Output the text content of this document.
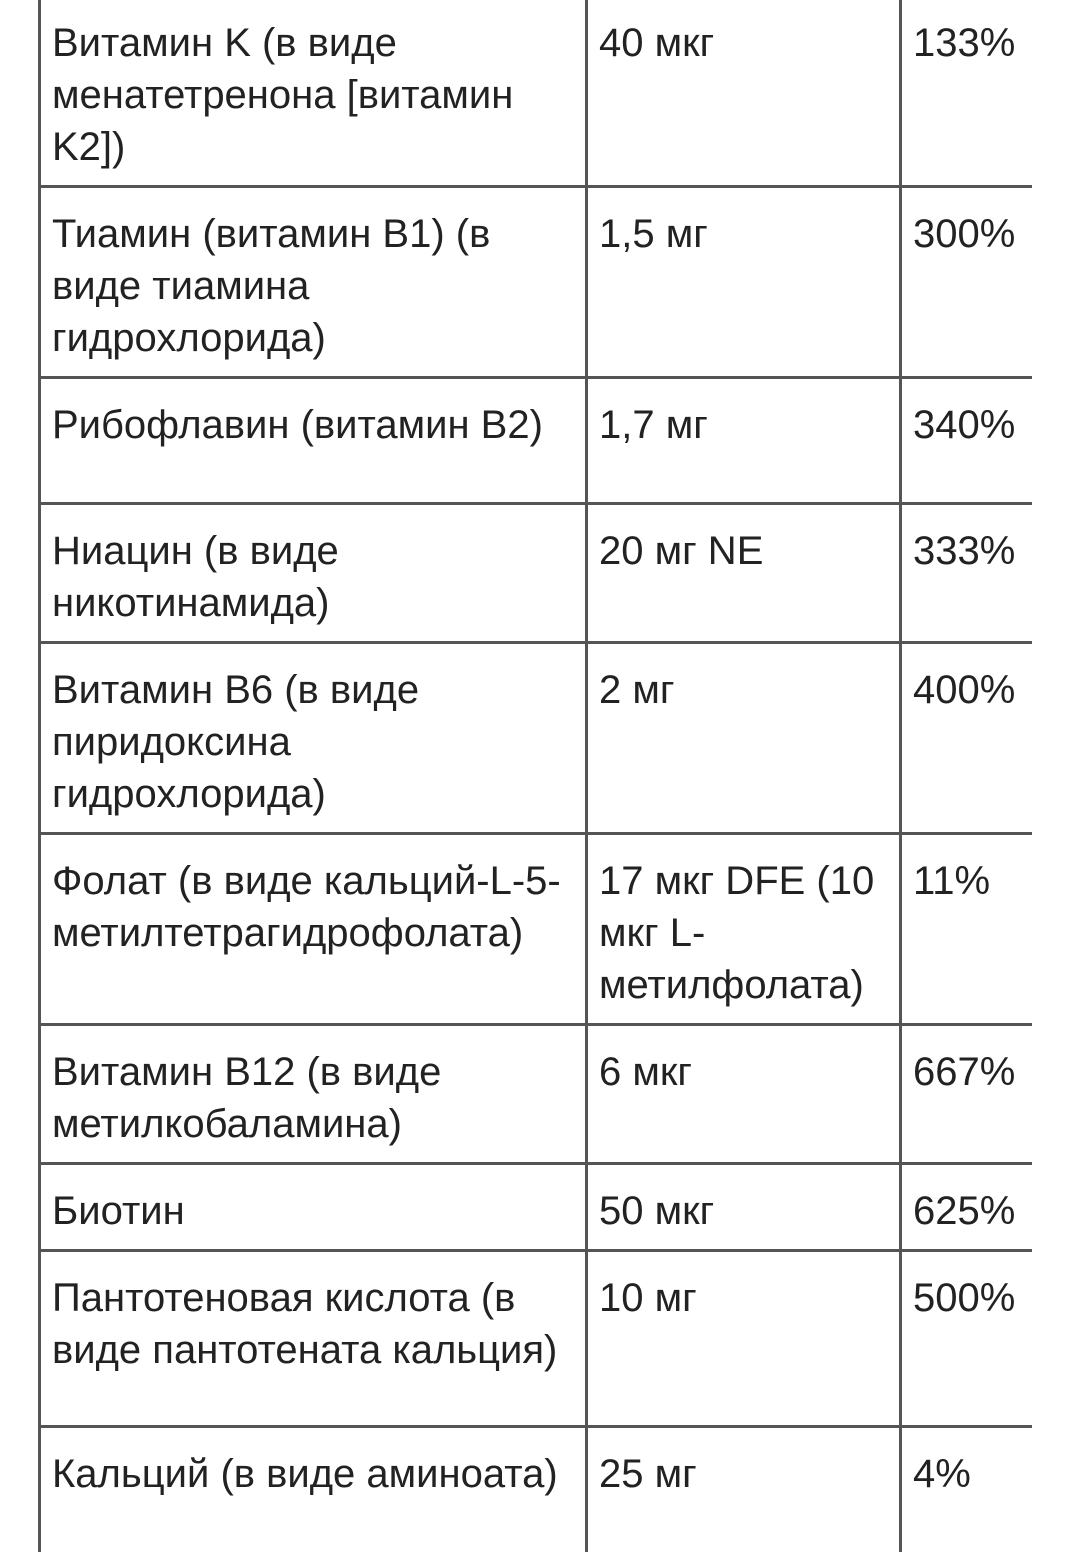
Витамин K (в виде менатетренона [витамин K2])	40 мкг	133%
Тиамин (витамин B1) (в виде тиамина гидрохлорида)	1,5 мг	300%
Рибофлавин (витамин B2)	1,7 мг	340%
Ниацин (в виде никотинамида)	20 мг NE	333%
Витамин B6 (в виде пиридоксина гидрохлорида)	2 мг	400%
Фолат (в виде кальций-L-5-метилтетрагидрофолата)	17 мкг DFE (10 мкг L-метилфолата)	11%
Витамин B12 (в виде метилкобаламина)	6 мкг	667%
Биотин	50 мкг	625%
Пантотеновая кислота (в виде пантотената кальция)	10 мг	500%
Кальций (в виде аминоата)	25 мг	4%
